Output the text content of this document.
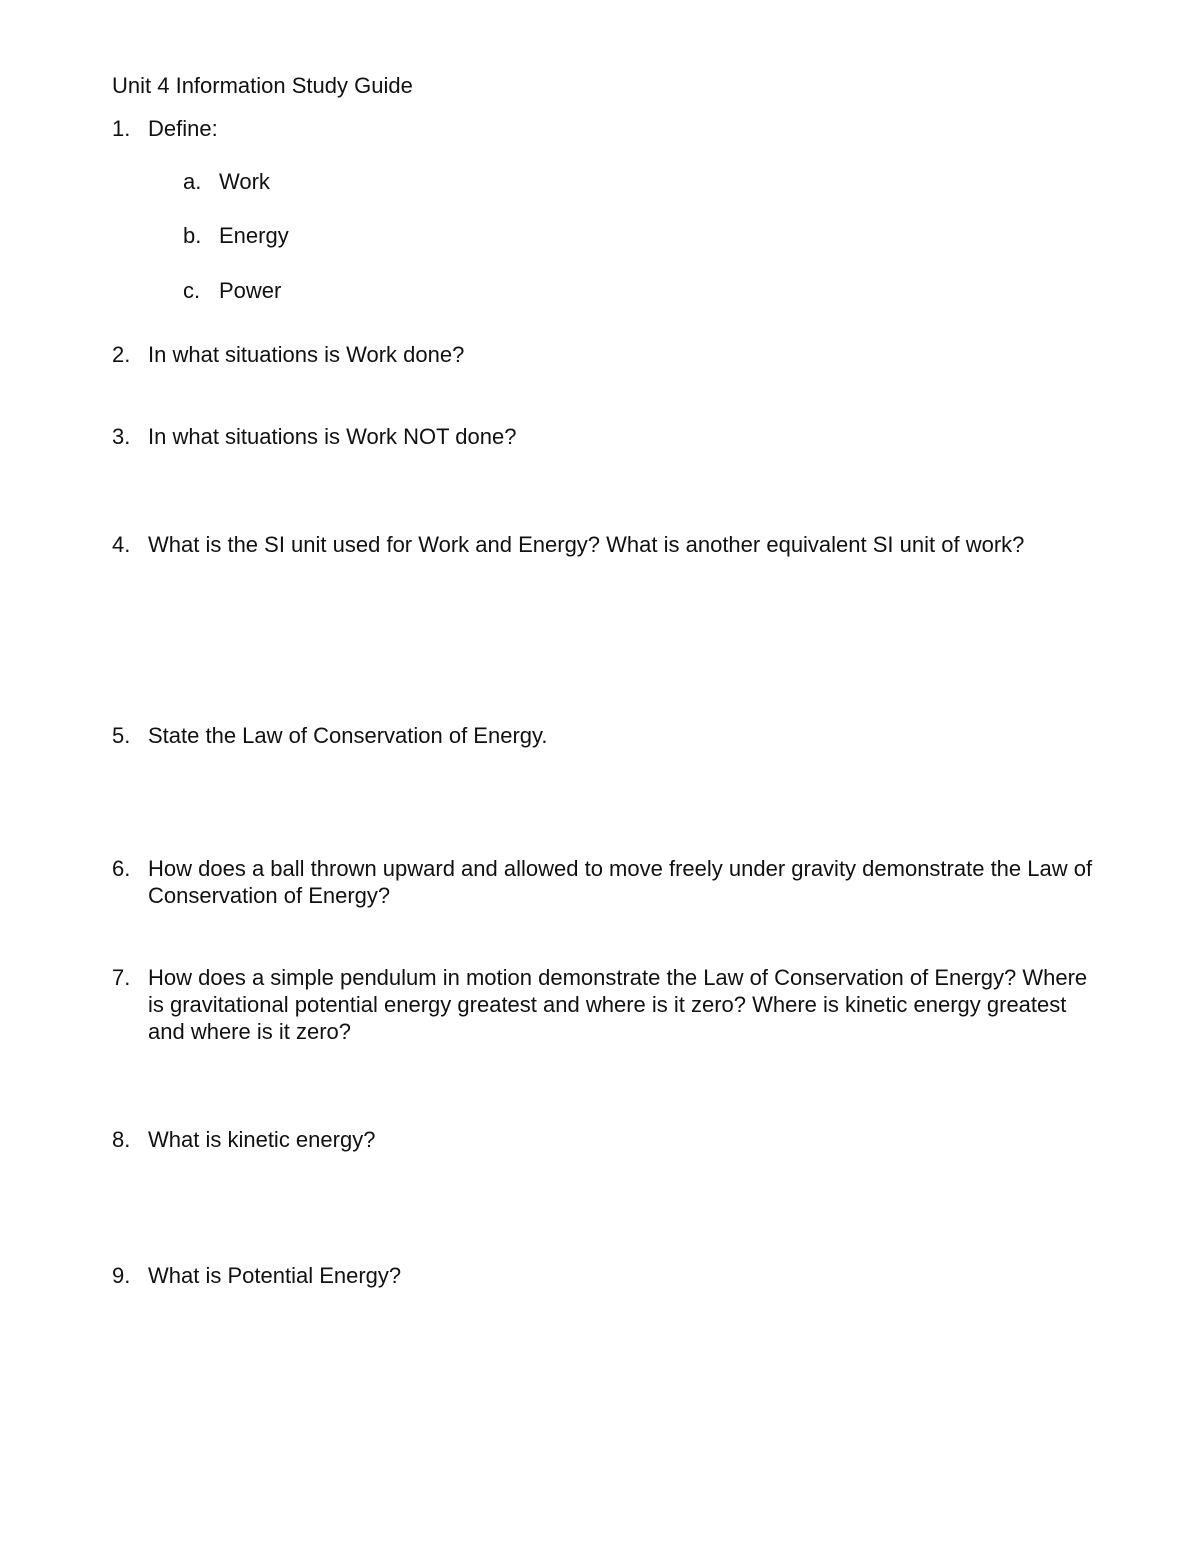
Unit 4 Information Study Guide
1. Define:
a. Work
b. Energy
c. Power
2. In what situations is Work done?
3. In what situations is Work NOT done?
4. What is the SI unit used for Work and Energy? What is another equivalent SI unit of work?
5. State the Law of Conservation of Energy.
6. How does a ball thrown upward and allowed to move freely under gravity demonstrate the Law of Conservation of Energy?
7. How does a simple pendulum in motion demonstrate the Law of Conservation of Energy? Where is gravitational potential energy greatest and where is it zero? Where is kinetic energy greatest and where is it zero?
8. What is kinetic energy?
9. What is Potential Energy?
